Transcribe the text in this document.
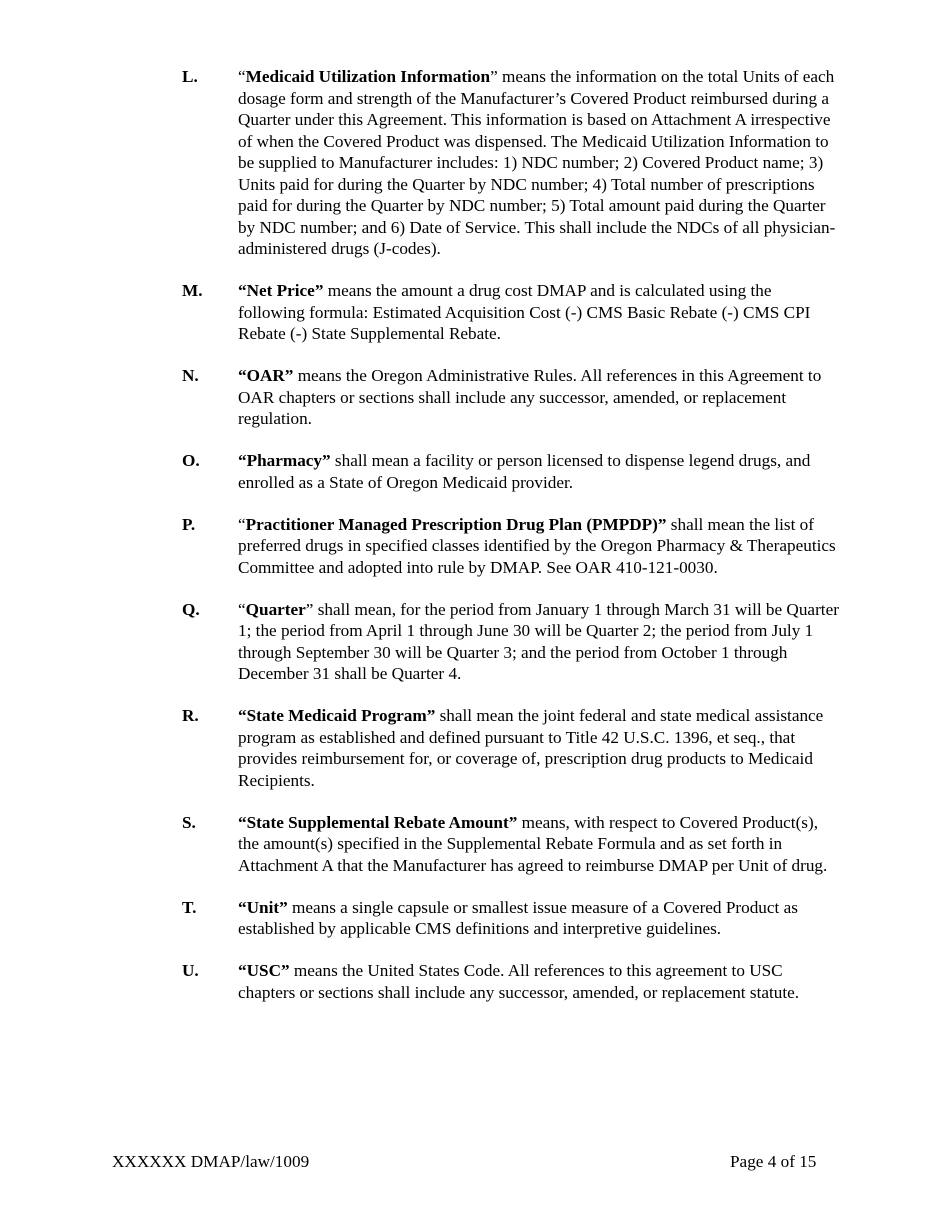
L.	“Medicaid Utilization Information” means the information on the total Units of each dosage form and strength of the Manufacturer’s Covered Product reimbursed during a Quarter under this Agreement. This information is based on Attachment A irrespective of when the Covered Product was dispensed. The Medicaid Utilization Information to be supplied to Manufacturer includes: 1) NDC number; 2) Covered Product name; 3) Units paid for during the Quarter by NDC number; 4) Total number of prescriptions paid for during the Quarter by NDC number; 5) Total amount paid during the Quarter by NDC number; and 6) Date of Service. This shall include the NDCs of all physician-administered drugs (J-codes).
M.	“Net Price” means the amount a drug cost DMAP and is calculated using the following formula: Estimated Acquisition Cost (-) CMS Basic Rebate (-) CMS CPI Rebate (-) State Supplemental Rebate.
N.	“OAR” means the Oregon Administrative Rules. All references in this Agreement to OAR chapters or sections shall include any successor, amended, or replacement regulation.
O.	“Pharmacy” shall mean a facility or person licensed to dispense legend drugs, and enrolled as a State of Oregon Medicaid provider.
P.	“Practitioner Managed Prescription Drug Plan (PMPDP)” shall mean the list of preferred drugs in specified classes identified by the Oregon Pharmacy & Therapeutics Committee and adopted into rule by DMAP. See OAR 410-121-0030.
Q.	“Quarter” shall mean, for the period from January 1 through March 31 will be Quarter 1; the period from April 1 through June 30 will be Quarter 2; the period from July 1 through September 30 will be Quarter 3; and the period from October 1 through December 31 shall be Quarter 4.
R.	“State Medicaid Program” shall mean the joint federal and state medical assistance program as established and defined pursuant to Title 42 U.S.C. 1396, et seq., that provides reimbursement for, or coverage of, prescription drug products to Medicaid Recipients.
S.	“State Supplemental Rebate Amount” means, with respect to Covered Product(s), the amount(s) specified in the Supplemental Rebate Formula and as set forth in Attachment A that the Manufacturer has agreed to reimburse DMAP per Unit of drug.
T.	“Unit” means a single capsule or smallest issue measure of a Covered Product as established by applicable CMS definitions and interpretive guidelines.
U.	“USC” means the United States Code. All references to this agreement to USC chapters or sections shall include any successor, amended, or replacement statute.
XXXXXX DMAP/law/1009	Page 4 of 15
